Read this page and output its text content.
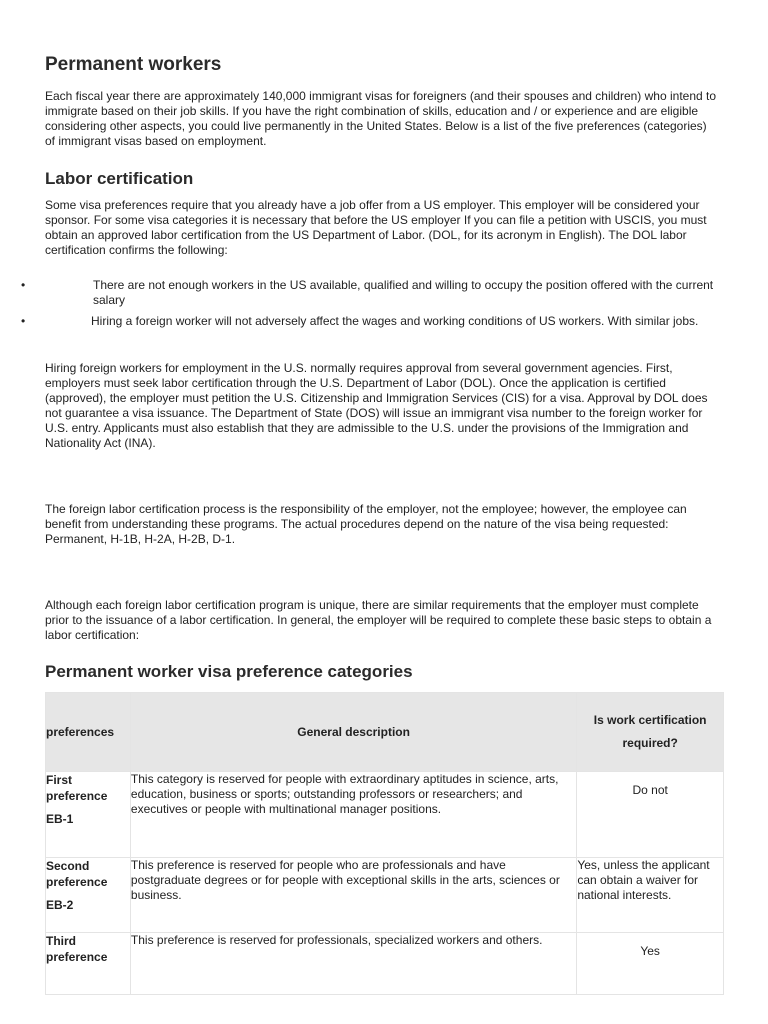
Permanent workers

Each fiscal year there are approximately 140,000 immigrant visas for foreigners (and their spouses and children) who intend to immigrate based on their job skills. If you have the right combination of skills, education and / or experience and are eligible considering other aspects, you could live permanently in the United States. Below is a list of the five preferences (categories) of immigrant visas based on employment.

Labor certification

Some visa preferences require that you already have a job offer from a US employer. This employer will be considered your sponsor. For some visa categories it is necessary that before the US employer If you can file a petition with USCIS, you must obtain an approved labor certification from the US Department of Labor. (DOL, for its acronym in English). The DOL labor certification confirms the following:

•	There are not enough workers in the US available, qualified and willing to occupy the position offered with the current salary
•	Hiring a foreign worker will not adversely affect the wages and working conditions of US workers. With similar jobs.

Hiring foreign workers for employment in the U.S. normally requires approval from several government agencies. First, employers must seek labor certification through the U.S. Department of Labor (DOL). Once the application is certified (approved), the employer must petition the U.S. Citizenship and Immigration Services (CIS) for a visa. Approval by DOL does not guarantee a visa issuance. The Department of State (DOS) will issue an immigrant visa number to the foreign worker for U.S. entry. Applicants must also establish that they are admissible to the U.S. under the provisions of the Immigration and Nationality Act (INA).

The foreign labor certification process is the responsibility of the employer, not the employee; however, the employee can benefit from understanding these programs. The actual procedures depend on the nature of the visa being requested: Permanent, H-1B, H-2A, H-2B, D-1.

Although each foreign labor certification program is unique, there are similar requirements that the employer must complete prior to the issuance of a labor certification. In general, the employer will be required to complete these basic steps to obtain a labor certification:

Permanent worker visa preference categories
preferences	General description	Is work certification required?
First preference
EB-1	This category is reserved for people with extraordinary aptitudes in science, arts, education, business or sports; outstanding professors or researchers; and executives or people with multinational manager positions.	Do not
Second preference
EB-2	This preference is reserved for people who are professionals and have postgraduate degrees or for people with exceptional skills in the arts, sciences or business.	Yes, unless the applicant can obtain a waiver for national interests.
Third preference	This preference is reserved for professionals, specialized workers and others.	Yes
